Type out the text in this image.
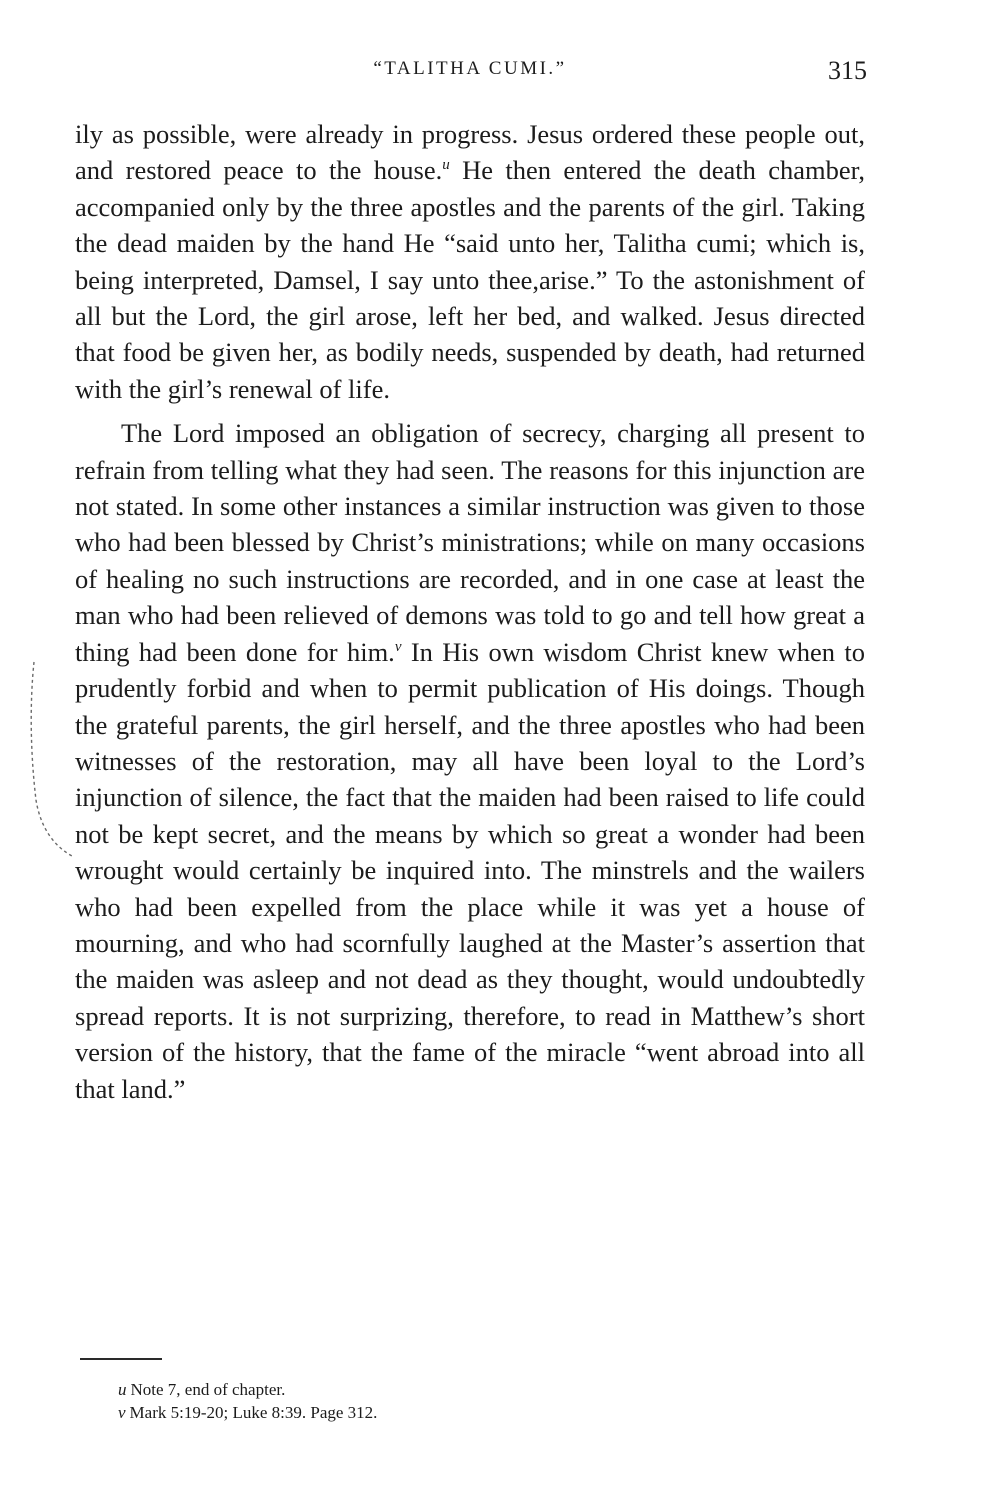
“TALITHA CUMI.”	315

ily as possible, were already in progress. Jesus ordered these people out, and restored peace to the house.$^u$ He then entered the death chamber, accompanied only by the three apostles and the parents of the girl. Taking the dead maiden by the hand He “said unto her, Talitha cumi; which is, being interpreted, Damsel, I say unto thee,arise.” To the astonishment of all but the Lord, the girl arose, left her bed, and walked. Jesus directed that food be given her, as bodily needs, suspended by death, had returned with the girl’s renewal of life.

The Lord imposed an obligation of secrecy, charging all present to refrain from telling what they had seen. The reasons for this injunction are not stated. In some other instances a similar instruction was given to those who had been blessed by Christ’s ministrations; while on many occasions of healing no such instructions are recorded, and in one case at least the man who had been relieved of demons was told to go and tell how great a thing had been done for him.$^v$ In His own wisdom Christ knew when to prudently forbid and when to permit publication of His doings. Though the grateful parents, the girl herself, and the three apostles who had been witnesses of the restoration, may all have been loyal to the Lord’s injunction of silence, the fact that the maiden had been raised to life could not be kept secret, and the means by which so great a wonder had been wrought would certainly be inquired into. The minstrels and the wailers who had been expelled from the place while it was yet a house of mourning, and who had scornfully laughed at the Master’s assertion that the maiden was asleep and not dead as they thought, would undoubtedly spread reports. It is not surprizing, therefore, to read in Matthew’s short version of the history, that the fame of the miracle “went abroad into all that land.”

u Note 7, end of chapter.
v Mark 5:19-20; Luke 8:39. Page 312.
